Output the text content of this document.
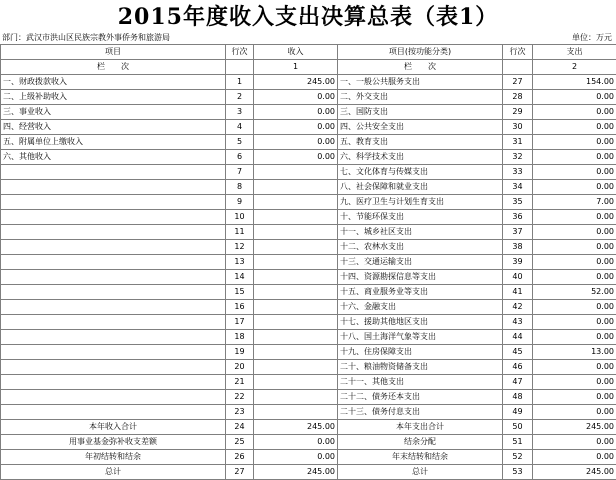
2015年度收入支出决算总表（表1）
部门：武汉市洪山区民族宗教外事侨务和旅游局	单位：万元
项目	行次	收入	项目(按功能分类)	行次	支出
栏　　次		1	栏　　次		2
一、财政拨款收入	1	245.00	一、一般公共服务支出	27	154.00
二、上级补助收入	2	0.00	二、外交支出	28	0.00
三、事业收入	3	0.00	三、国防支出	29	0.00
四、经营收入	4	0.00	四、公共安全支出	30	0.00
五、附属单位上缴收入	5	0.00	五、教育支出	31	0.00
六、其他收入	6	0.00	六、科学技术支出	32	0.00
	7		七、文化体育与传媒支出	33	0.00
	8		八、社会保障和就业支出	34	0.00
	9		九、医疗卫生与计划生育支出	35	7.00
	10		十、节能环保支出	36	0.00
	11		十一、城乡社区支出	37	0.00
	12		十二、农林水支出	38	0.00
	13		十三、交通运输支出	39	0.00
	14		十四、资源勘探信息等支出	40	0.00
	15		十五、商业服务业等支出	41	52.00
	16		十六、金融支出	42	0.00
	17		十七、援助其他地区支出	43	0.00
	18		十八、国土海洋气象等支出	44	0.00
	19		十九、住房保障支出	45	13.00
	20		二十、粮油物资储备支出	46	0.00
	21		二十一、其他支出	47	0.00
	22		二十二、债务还本支出	48	0.00
	23		二十三、债务付息支出	49	0.00
本年收入合计	24	245.00	本年支出合计	50	245.00
用事业基金弥补收支差额	25	0.00	结余分配	51	0.00
年初结转和结余	26	0.00	年末结转和结余	52	0.00
总计	27	245.00	总计	53	245.00
